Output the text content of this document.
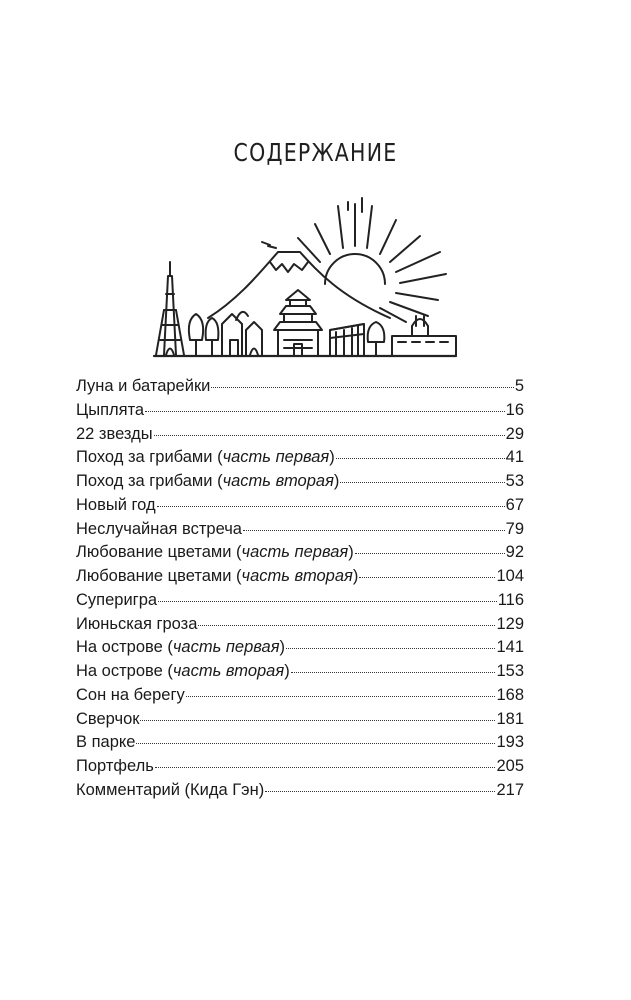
СОДЕРЖАНИЕ
Луна и батарейки	5
Цыплята	16
22 звезды	29
Поход за грибами (часть первая)	41
Поход за грибами (часть вторая)	53
Новый год	67
Неслучайная встреча	79
Любование цветами (часть первая)	92
Любование цветами (часть вторая)	104
Суперигра	116
Июньская гроза	129
На острове (часть первая)	141
На острове (часть вторая)	153
Сон на берегу	168
Сверчок	181
В парке	193
Портфель	205
Комментарий (Кида Гэн)	217
